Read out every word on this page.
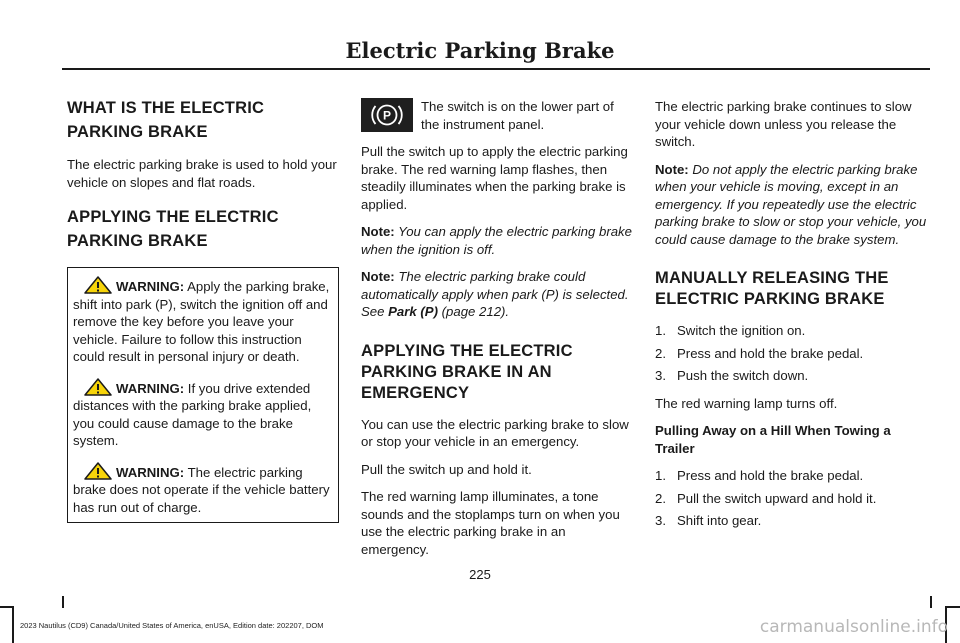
Electric Parking Brake
WHAT IS THE ELECTRIC PARKING BRAKE

The electric parking brake is used to hold your vehicle on slopes and flat roads.

APPLYING THE ELECTRIC PARKING BRAKE
WARNING: Apply the parking brake, shift into park (P), switch the ignition off and remove the key before you leave your vehicle. Failure to follow this instruction could result in personal injury or death.
WARNING: If you drive extended distances with the parking brake applied, you could cause damage to the brake system.
WARNING: The electric parking brake does not operate if the vehicle battery has run out of charge.
P

The switch is on the lower part of the instrument panel.

Pull the switch up to apply the electric parking brake. The red warning lamp flashes, then steadily illuminates when the parking brake is applied.

Note: You can apply the electric parking brake when the ignition is off.

Note: The electric parking brake could automatically apply when park (P) is selected. See Park (P) (page 212).

APPLYING THE ELECTRIC PARKING BRAKE IN AN EMERGENCY

You can use the electric parking brake to slow or stop your vehicle in an emergency.

Pull the switch up and hold it.

The red warning lamp illuminates, a tone sounds and the stoplamps turn on when you use the electric parking brake in an emergency.

The electric parking brake continues to slow your vehicle down unless you release the switch.

Note: Do not apply the electric parking brake when your vehicle is moving, except in an emergency. If you repeatedly use the electric parking brake to slow or stop your vehicle, you could cause damage to the brake system.

MANUALLY RELEASING THE ELECTRIC PARKING BRAKE
1. Switch the ignition on.
2. Press and hold the brake pedal.
3. Push the switch down.

The red warning lamp turns off.

Pulling Away on a Hill When Towing a Trailer
1. Press and hold the brake pedal.
2. Pull the switch upward and hold it.
3. Shift into gear.
225
2023 Nautilus (CD9) Canada/United States of America, enUSA, Edition date: 202207, DOM	carmanualsonline.info
